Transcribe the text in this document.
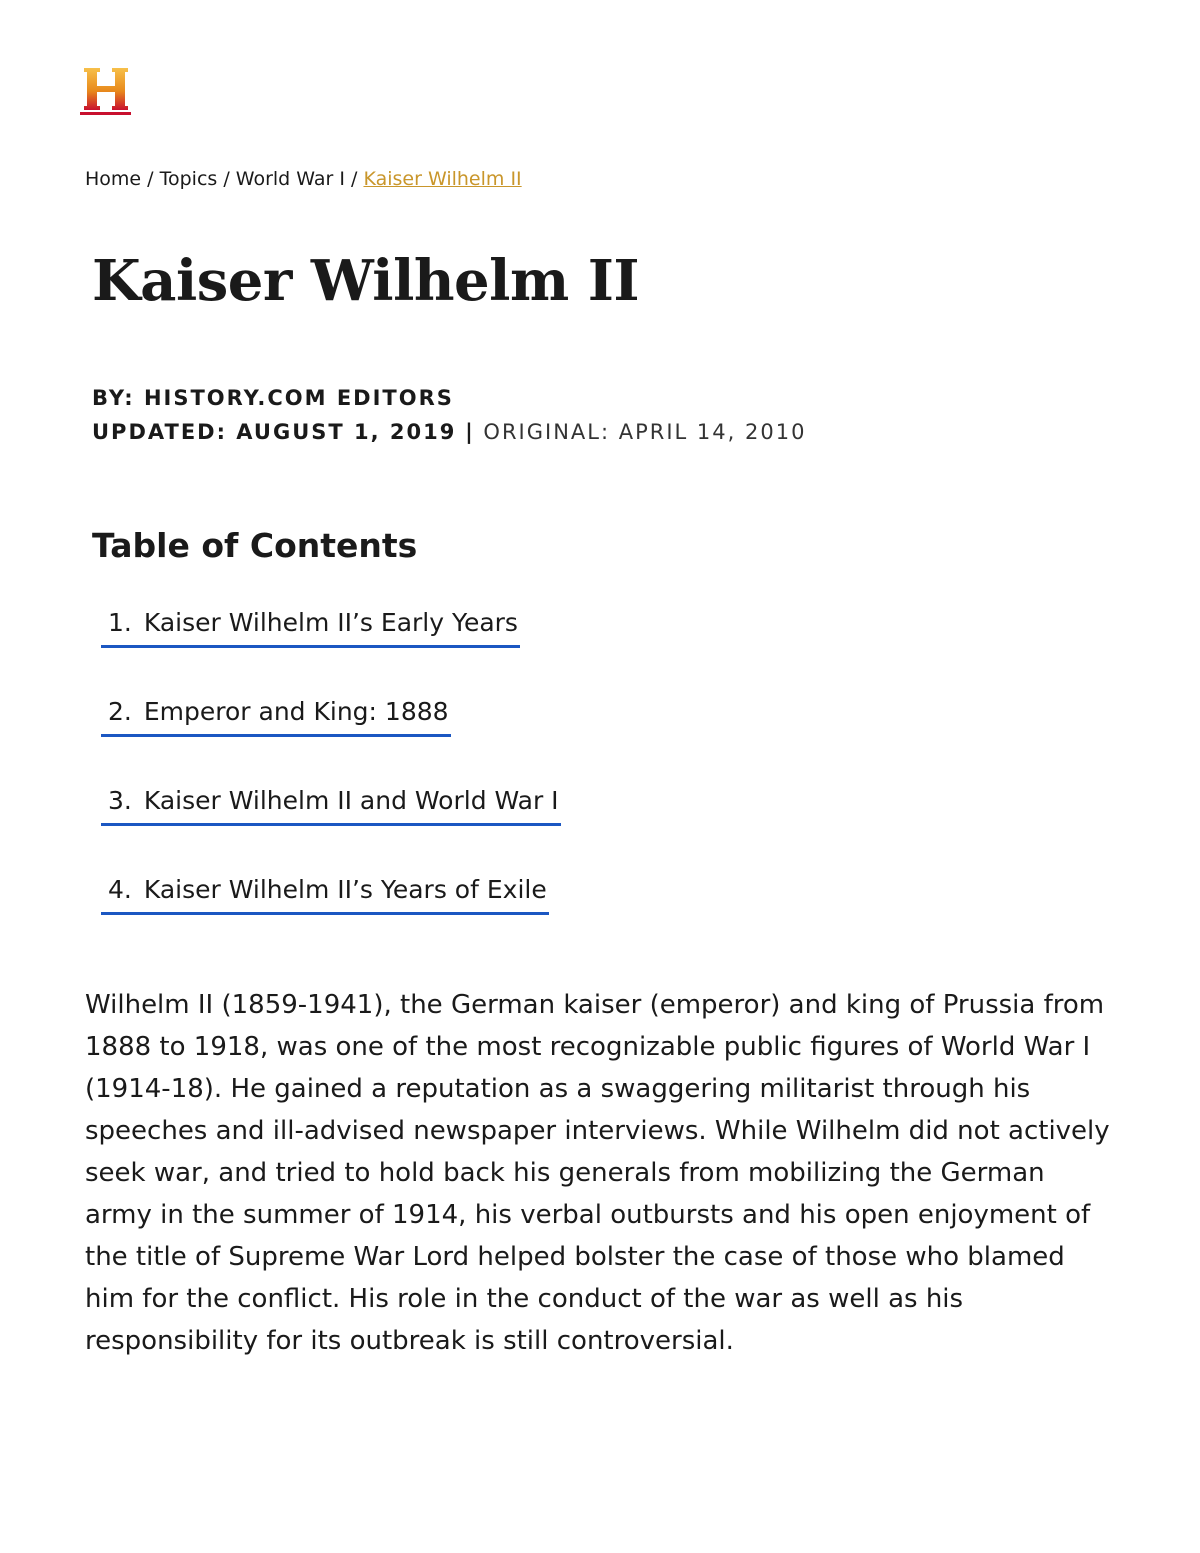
Home / Topics / World War I / Kaiser Wilhelm II
Kaiser Wilhelm II
BY: HISTORY.COM EDITORS
UPDATED: AUGUST 1, 2019 | ORIGINAL: APRIL 14, 2010
Table of Contents
1. Kaiser Wilhelm II’s Early Years
2. Emperor and King: 1888
3. Kaiser Wilhelm II and World War I
4. Kaiser Wilhelm II’s Years of Exile

Wilhelm II (1859-1941), the German kaiser (emperor) and king of Prussia from 1888 to 1918, was one of the most recognizable public figures of World War I (1914-18). He gained a reputation as a swaggering militarist through his speeches and ill-advised newspaper interviews. While Wilhelm did not actively seek war, and tried to hold back his generals from mobilizing the German army in the summer of 1914, his verbal outbursts and his open enjoyment of the title of Supreme War Lord helped bolster the case of those who blamed him for the conflict. His role in the conduct of the war as well as his responsibility for its outbreak is still controversial.
